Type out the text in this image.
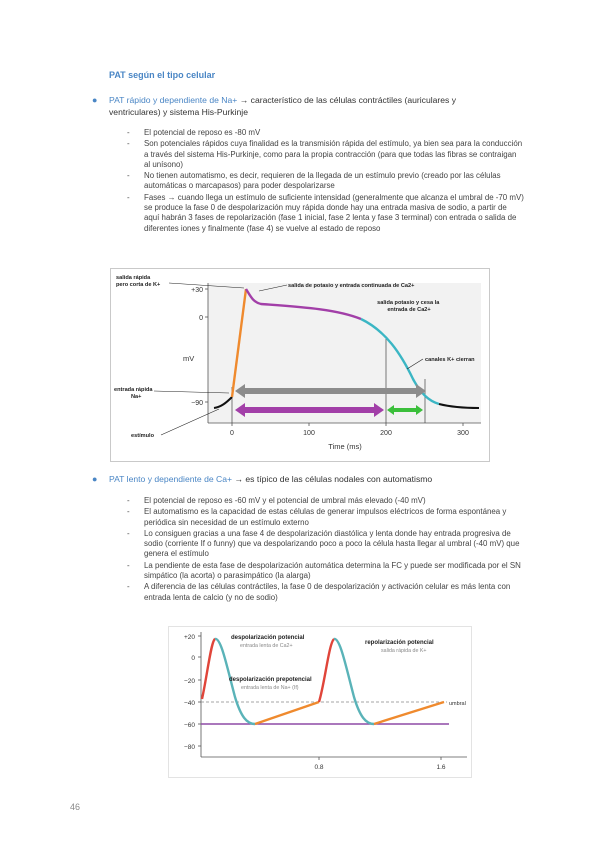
PAT según el tipo celular
● PAT rápido y dependiente de Na+ → característico de las células contráctiles (auriculares y ventriculares) y sistema His-Purkinje
- El potencial de reposo es -80 mV
- Son potenciales rápidos cuya finalidad es la transmisión rápida del estímulo, ya bien sea para la conducción a través del sistema His-Purkinje, como para la propia contracción (para que todas las fibras se contraigan al unísono)
- No tienen automatismo, es decir, requieren de la llegada de un estímulo previo (creado por las células automáticas o marcapasos) para poder despolarizarse
- Fases → cuando llega un estímulo de suficiente intensidad (generalmente que alcanza el umbral de -70 mV) se produce la fase 0 de despolarización muy rápida donde hay una entrada masiva de sodio, a partir de aquí habrán 3 fases de repolarización (fase 1 inicial, fase 2 lenta y fase 3 terminal) con entrada o salida de diferentes iones y finalmente (fase 4) se vuelve al estado de reposo
+30
0
−90
mV
0	100	200	300
Time (ms)
salida rápida pero corta de K+	salida de potasio y entrada continuada de Ca2+
salida potasio y cesa la entrada de Ca2+
canales K+ cierran
entrada rápida Na+
estímulo
● PAT lento y dependiente de Ca+ → es típico de las células nodales con automatismo
- El potencial de reposo es -60 mV y el potencial de umbral más elevado (-40 mV)
- El automatismo es la capacidad de estas células de generar impulsos eléctricos de forma espontánea y periódica sin necesidad de un estímulo externo
- Lo consiguen gracias a una fase 4 de despolarización diastólica y lenta donde hay entrada progresiva de sodio (corriente If o funny) que va despolarizando poco a poco la célula hasta llegar al umbral (-40 mV) que genera el estímulo
- La pendiente de esta fase de despolarización automática determina la FC y puede ser modificada por el SN simpático (la acorta) o parasimpático (la alarga)
- A diferencia de las células contráctiles, la fase 0 de despolarización y activación celular es más lenta con entrada lenta de calcio (y no de sodio)
+20
0
−20
−40
−60
−80
0.8	1.6
umbral
despolarización potencial
entrada lenta de Ca2+	repolarización potencial
salida rápida de K+
despolarización prepotencial
entrada lenta de Na+ (If)
46
